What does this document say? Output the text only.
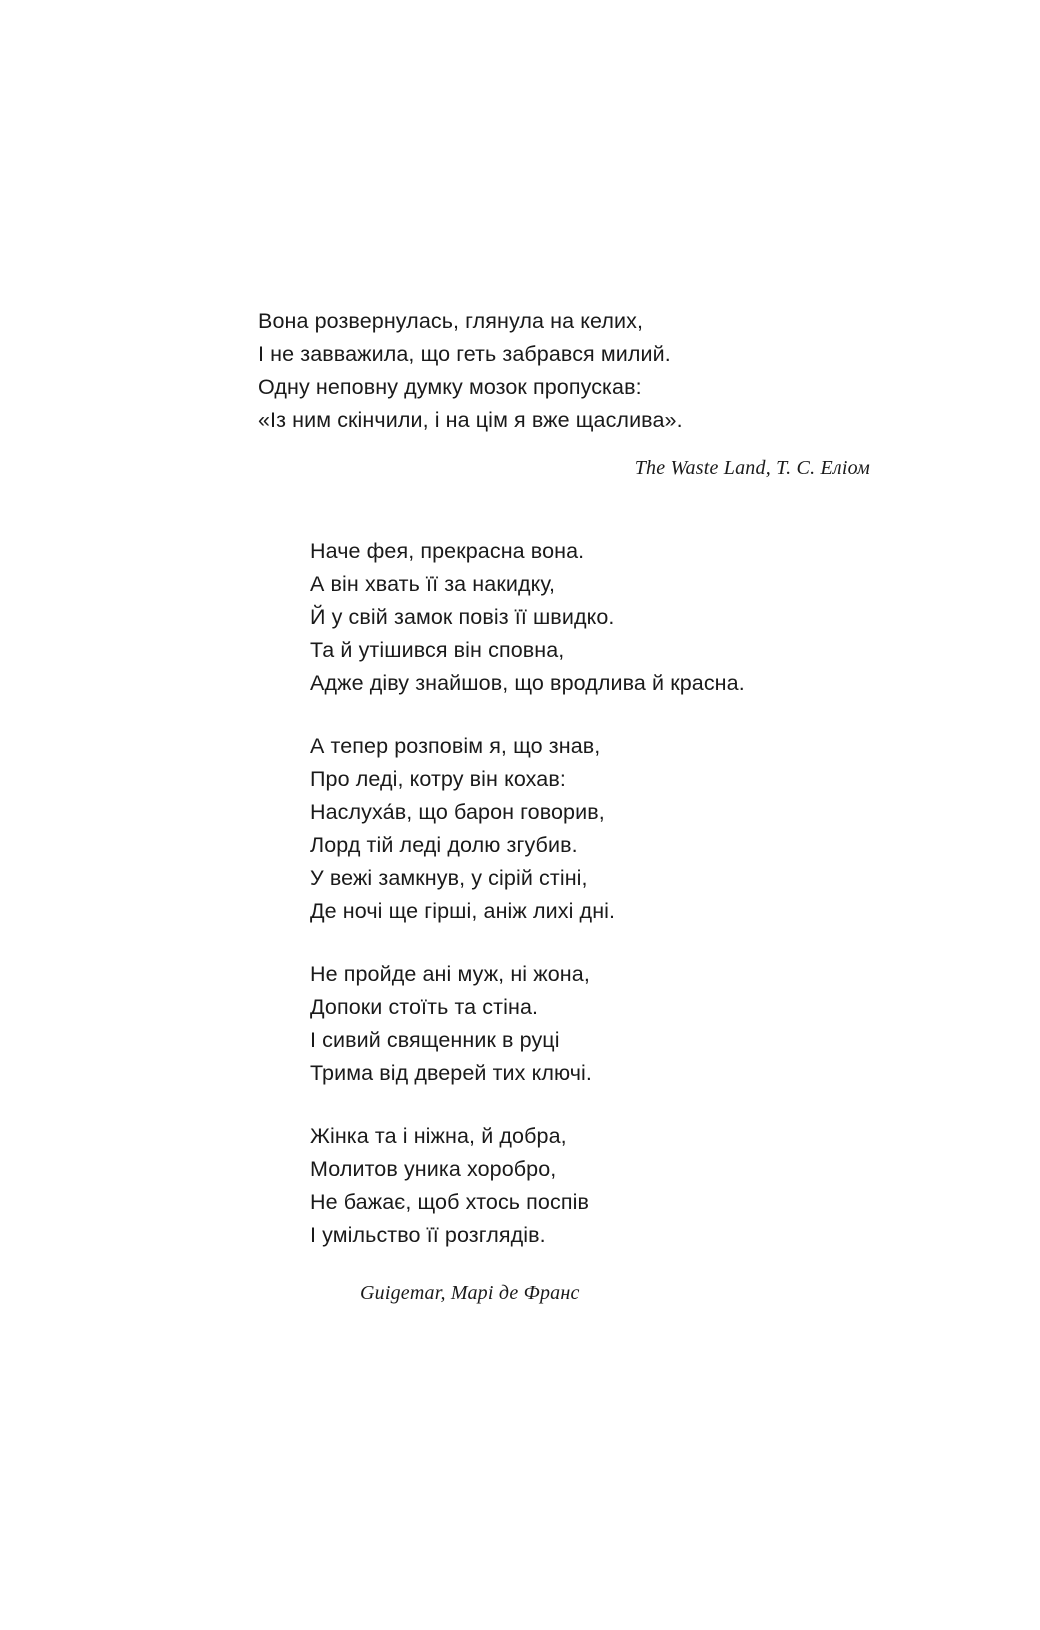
Вона розвернулась, глянула на келих,
І не завважила, що геть забрався милий.
Одну неповну думку мозок пропускав:
«Із ним скінчили, і на цім я вже щаслива».
The Waste Land, Т. С. Еліом
Наче фея, прекрасна вона.
А він хвать її за накидку,
Й у свій замок повіз її швидко.
Та й утішився він сповна,
Адже діву знайшов, що вродлива й красна.
А тепер розповім я, що знав,
Про леді, котру він кохав:
Наслуха́в, що барон говорив,
Лорд тій леді долю згубив.
У вежі замкнув, у сірій стіні,
Де ночі ще гірші, аніж лихі дні.
Не пройде ані муж, ні жона,
Допоки стоїть та стіна.
І сивий священник в руці
Трима від дверей тих ключі.
Жінка та і ніжна, й добра,
Молитов уника хоробро,
Не бажає, щоб хтось поспів
І умільство її розглядів.
Guigemar, Марі де Франс
